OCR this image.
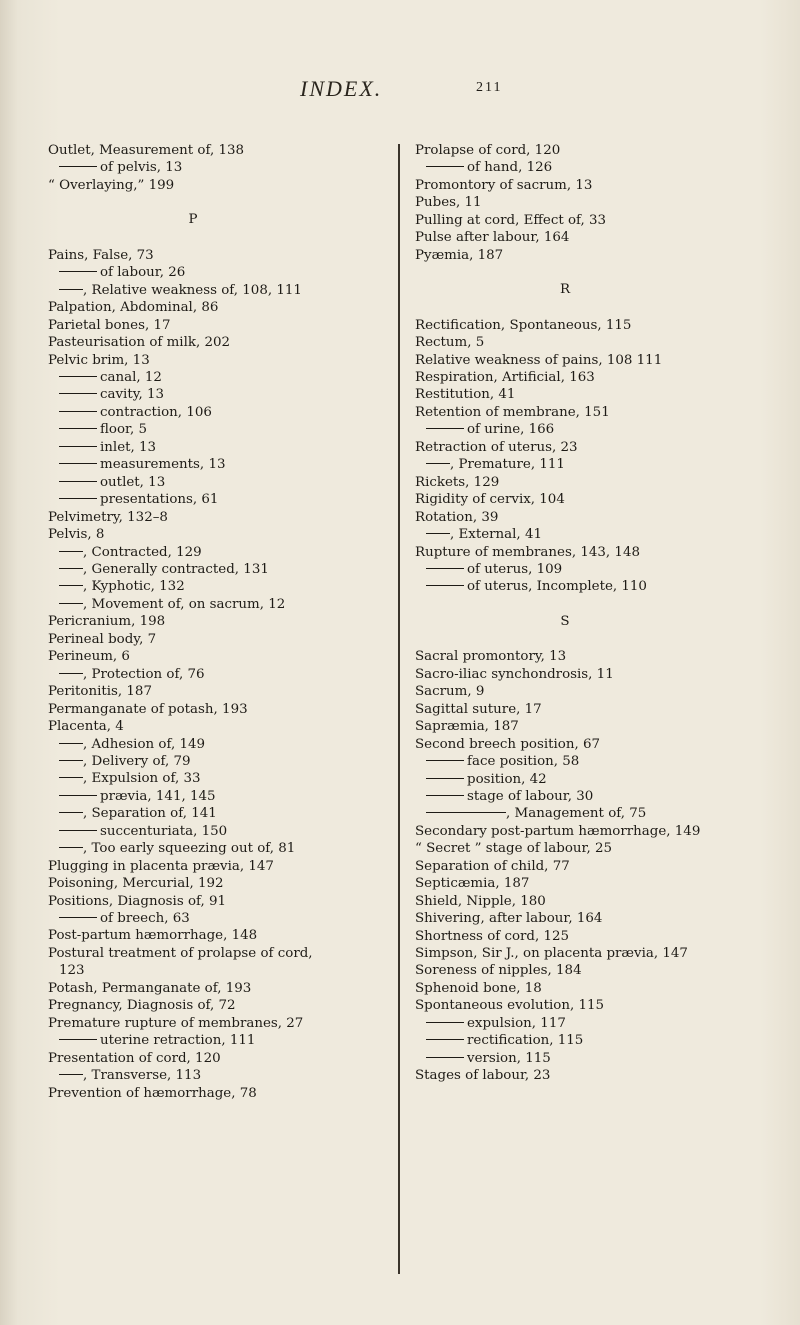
INDEX.	211
Outlet, Measurement of, 138
of pelvis, 13
“ Overlaying,” 199
P
Pains, False, 73
of labour, 26
, Relative weakness of, 108, 111
Palpation, Abdominal, 86
Parietal bones, 17
Pasteurisation of milk, 202
Pelvic brim, 13
canal, 12
cavity, 13
contraction, 106
floor, 5
inlet, 13
measurements, 13
outlet, 13
presentations, 61
Pelvimetry, 132–8
Pelvis, 8
, Contracted, 129
, Generally contracted, 131
, Kyphotic, 132
, Movement of, on sacrum, 12
Pericranium, 198
Perineal body, 7
Perineum, 6
, Protection of, 76
Peritonitis, 187
Permanganate of potash, 193
Placenta, 4
, Adhesion of, 149
, Delivery of, 79
, Expulsion of, 33
prævia, 141, 145
, Separation of, 141
succenturiata, 150
, Too early squeezing out of, 81
Plugging in placenta prævia, 147
Poisoning, Mercurial, 192
Positions, Diagnosis of, 91
of breech, 63
Post-partum hæmorrhage, 148
Postural treatment of prolapse of cord, 123
Potash, Permanganate of, 193
Pregnancy, Diagnosis of, 72
Premature rupture of membranes, 27
uterine retraction, 111
Presentation of cord, 120
, Transverse, 113
Prevention of hæmorrhage, 78
Prolapse of cord, 120
of hand, 126
Promontory of sacrum, 13
Pubes, 11
Pulling at cord, Effect of, 33
Pulse after labour, 164
Pyæmia, 187
R
Rectification, Spontaneous, 115
Rectum, 5
Relative weakness of pains, 108 111
Respiration, Artificial, 163
Restitution, 41
Retention of membrane, 151
of urine, 166
Retraction of uterus, 23
, Premature, 111
Rickets, 129
Rigidity of cervix, 104
Rotation, 39
, External, 41
Rupture of membranes, 143, 148
of uterus, 109
of uterus, Incomplete, 110
S
Sacral promontory, 13
Sacro-iliac synchondrosis, 11
Sacrum, 9
Sagittal suture, 17
Sapræmia, 187
Second breech position, 67
face position, 58
position, 42
stage of labour, 30
, Management of, 75
Secondary post-partum hæmorrhage, 149
“ Secret ” stage of labour, 25
Separation of child, 77
Septicæmia, 187
Shield, Nipple, 180
Shivering, after labour, 164
Shortness of cord, 125
Simpson, Sir J., on placenta prævia, 147
Soreness of nipples, 184
Sphenoid bone, 18
Spontaneous evolution, 115
expulsion, 117
rectification, 115
version, 115
Stages of labour, 23
